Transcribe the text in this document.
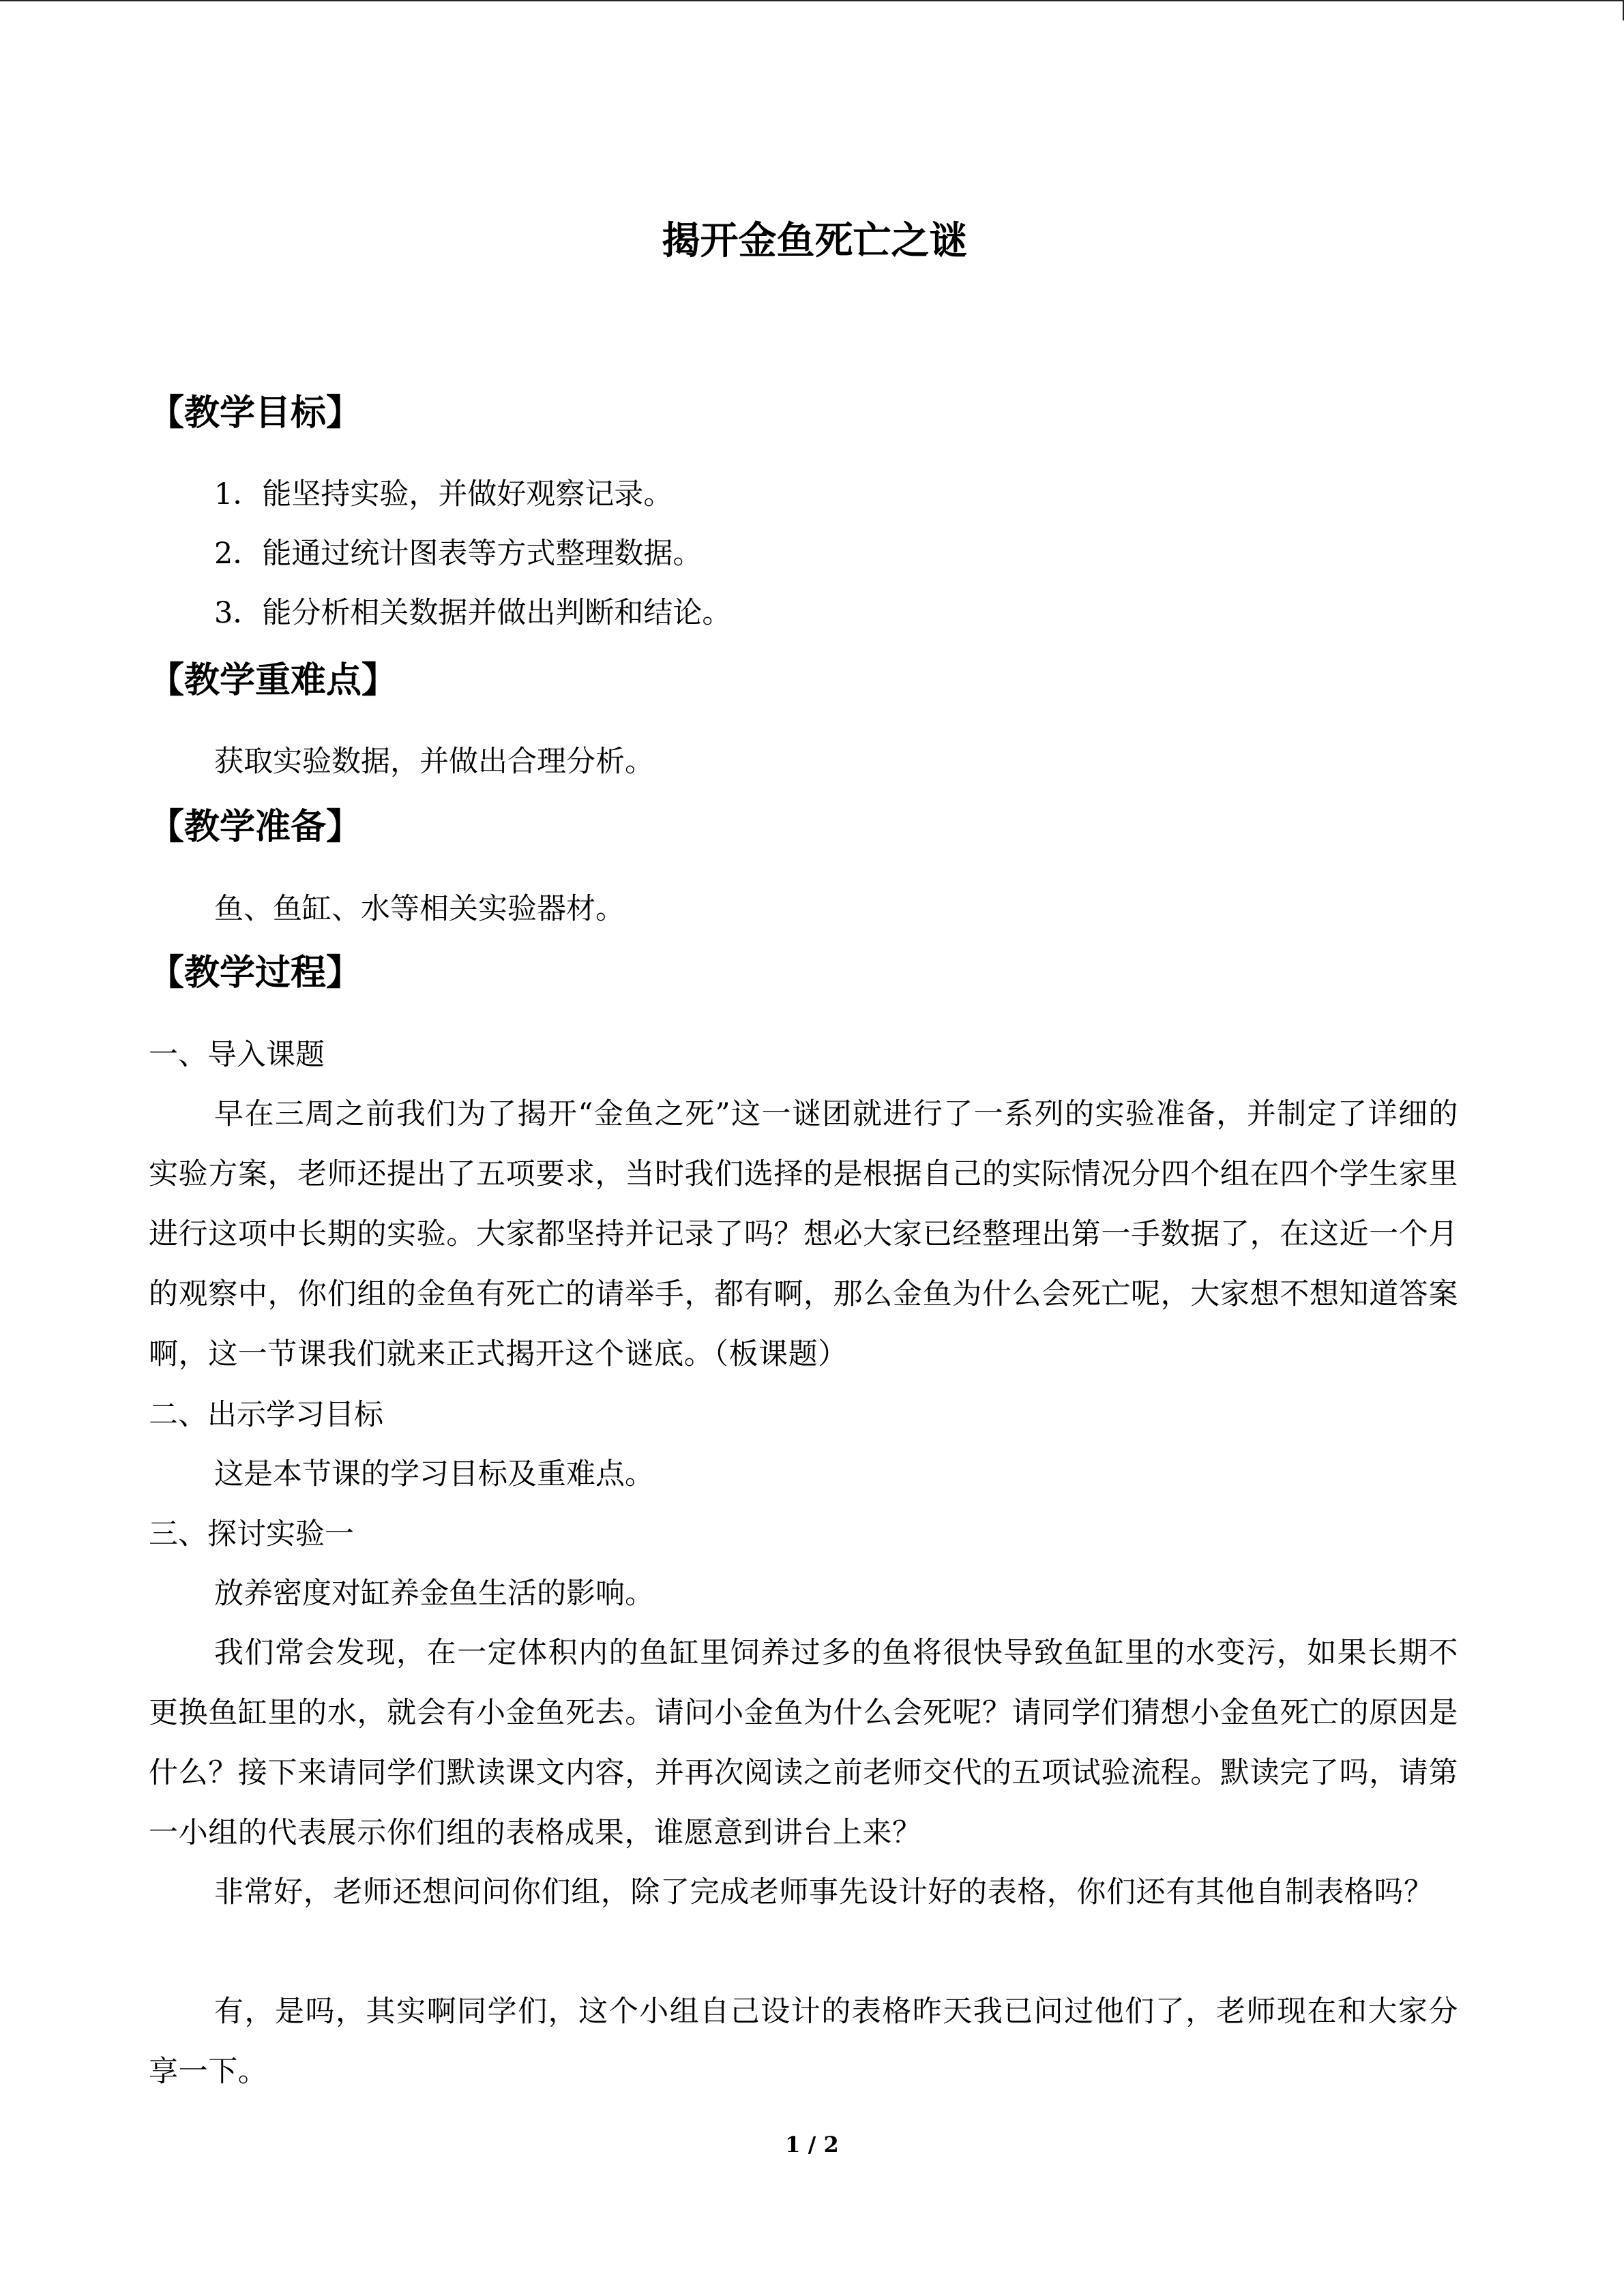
揭开金鱼死亡之谜
【教学目标】
1．能坚持实验，并做好观察记录。
2．能通过统计图表等方式整理数据。
3．能分析相关数据并做出判断和结论。
【教学重难点】
获取实验数据，并做出合理分析。
【教学准备】
鱼、鱼缸、水等相关实验器材。
【教学过程】
一、导入课题
早在三周之前我们为了揭开“金鱼之死”这一谜团就进行了一系列的实验准备，并制定了详细的实验方案，老师还提出了五项要求，当时我们选择的是根据自己的实际情况分四个组在四个学生家里进行这项中长期的实验。大家都坚持并记录了吗？想必大家已经整理出第一手数据了，在这近一个月的观察中，你们组的金鱼有死亡的请举手，都有啊，那么金鱼为什么会死亡呢，大家想不想知道答案啊，这一节课我们就来正式揭开这个谜底。（板课题）
二、出示学习目标
这是本节课的学习目标及重难点。
三、探讨实验一
放养密度对缸养金鱼生活的影响。
我们常会发现，在一定体积内的鱼缸里饲养过多的鱼将很快导致鱼缸里的水变污，如果长期不更换鱼缸里的水，就会有小金鱼死去。请问小金鱼为什么会死呢？请同学们猜想小金鱼死亡的原因是什么？接下来请同学们默读课文内容，并再次阅读之前老师交代的五项试验流程。默读完了吗，请第一小组的代表展示你们组的表格成果，谁愿意到讲台上来？
非常好，老师还想问问你们组，除了完成老师事先设计好的表格，你们还有其他自制表格吗？
有，是吗，其实啊同学们，这个小组自己设计的表格昨天我已问过他们了，老师现在和大家分享一下。
1 / 2
